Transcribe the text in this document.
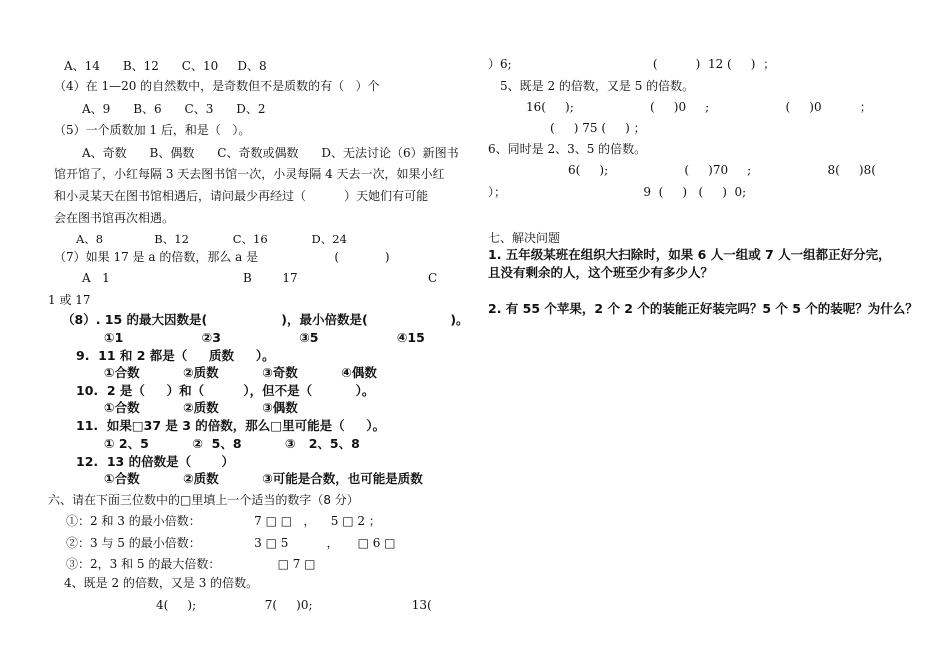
A、14      B、12      C、10     D、8
（4）在 1—20 的自然数中，是奇数但不是质数的有（   ）个
A、9      B、6      C、3      D、2
（5）一个质数加 1 后，和是（   ）。
A、奇数      B、偶数      C、奇数或偶数      D、无法讨论（6）新图书
馆开馆了，小红每隔 3 天去图书馆一次，小灵每隔 4 天去一次，如果小红
和小灵某天在图书馆相遇后，请问最少再经过（          ）天她们有可能
会在图书馆再次相遇。
A、8              B、12            C、16            D、24
（7）如果 17 是 a 的倍数，那么 a 是                    (            )
A   1	B        17	C
1 或 17
（8）. 15 的最大因数是(                 )，最小倍数是(                   )。
①1                  ②3                  ③5                  ④15
9.  11 和 2 都是（     质数     ）。
①合数          ②质数          ③奇数          ④偶数
10.  2 是（     ）和（         ），但不是（          ）。
①合数          ②质数          ③偶数
11.  如果□37 是 3 的倍数，那么□里可能是（     ）。
① 2、5          ②  5、8          ③   2、5、8
12.  13 的倍数是（       ）
①合数          ②质数          ③可能是合数，也可能是质数
六、请在下面三位数中的□里填上一个适当的数字（8 分）
①：2 和 3 的最小倍数：              7 □ □   ，    5 □ 2 ；
②：3 与 5 的最小倍数：              3 □ 5          ，     □ 6 □
③：2，3 和 5 的最大倍数：               □ 7 □
4、既是 2 的倍数，又是 3 的倍数。
4(     );                  7(     )0;                          13(
）6;                                     (          )  12 (     )  ；
5、既是 2 的倍数，又是 5 的倍数。
16(     );                    (     )0     ;                    (     )0          ；
(     ) 75 (     ) ；
6、同时是 2、3、5 的倍数。
6(     );                    (     )70     ;                    8(     )8(
）；                                    9  (     )   (     )  0;
七、解决问题
1. 五年级某班在组织大扫除时，如果 6 人一组或 7 人一组都正好分完，
且没有剩余的人，这个班至少有多少人？
2. 有 55 个苹果，2 个 2 个的装能正好装完吗？5 个 5 个的装呢？为什么？
